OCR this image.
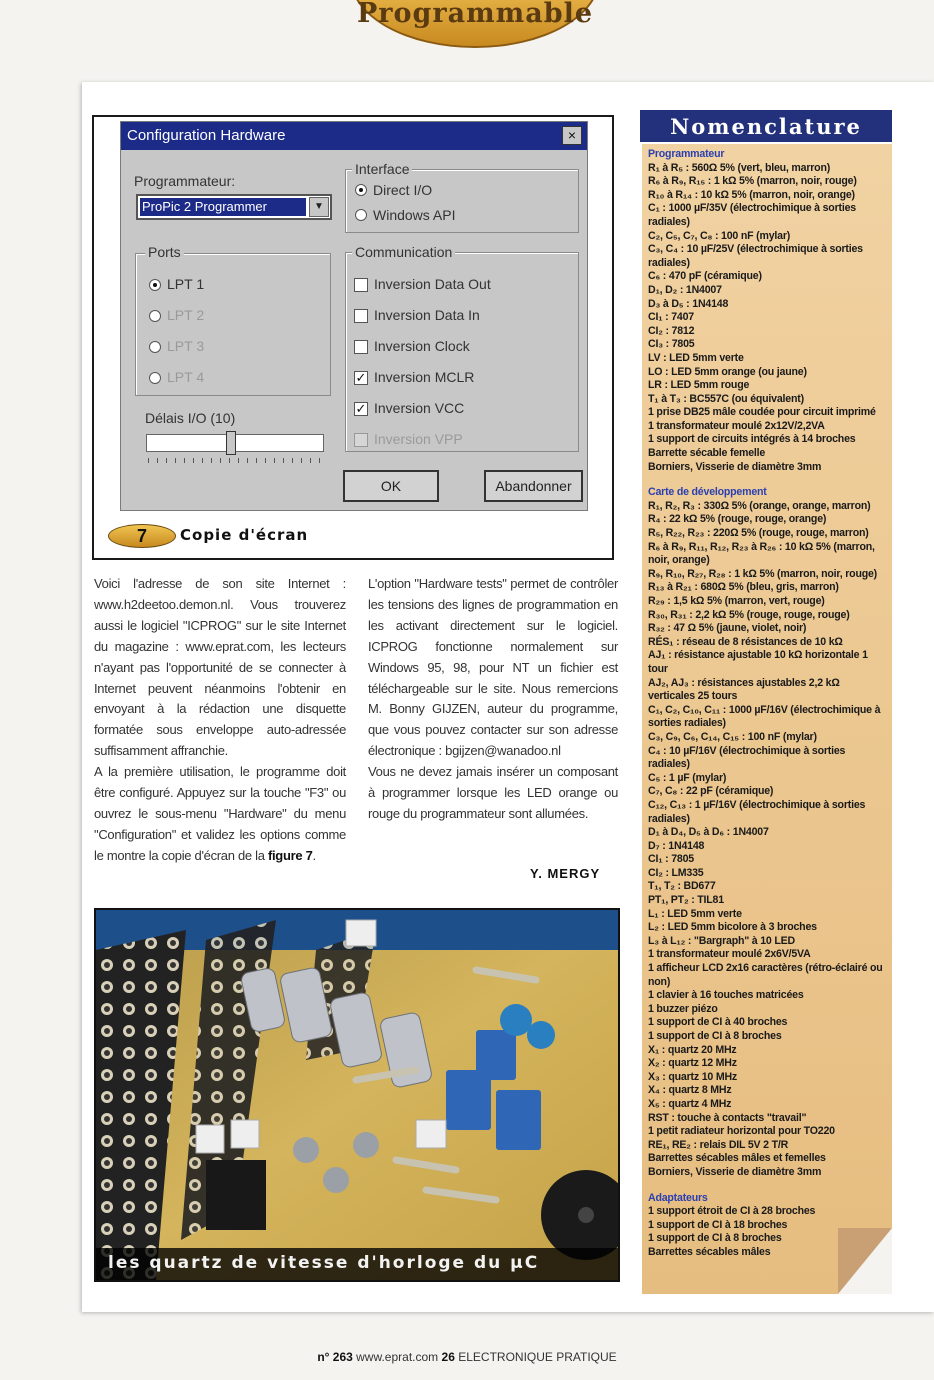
Programmable
Configuration Hardware	×
Programmateur:
ProPic 2 Programmer	▼
Ports
LPT 1
LPT 2
LPT 3
LPT 4
Délais I/O (10)
Interface
Direct I/O
Windows API
Communication
Inversion Data Out
Inversion Data In
Inversion Clock
✓ Inversion MCLR
✓ Inversion VCC
Inversion VPP
OK	Abandonner
7	Copie d'écran

Voici l'adresse de son site Internet : www.h2deetoo.demon.nl. Vous trouverez aussi le logiciel "ICPROG" sur le site Internet du magazine : www.eprat.com, les lecteurs n'ayant pas l'opportunité de se connecter à Internet peuvent néanmoins l'obtenir en envoyant à la rédaction une disquette formatée sous enveloppe auto-adressée suffisamment affranchie.

A la première utilisation, le programme doit être configuré. Appuyez sur la touche "F3" ou ouvrez le sous-menu "Hardware" du menu "Configuration" et validez les options comme le montre la copie d'écran de la figure 7.

L'option "Hardware tests" permet de contrôler les tensions des lignes de programmation en les activant directement sur le logiciel. ICPROG fonctionne normalement sur Windows 95, 98, pour NT un fichier est téléchargeable sur le site. Nous remercions M. Bonny GIJZEN, auteur du programme, que vous pouvez contacter sur son adresse électronique : bgijzen@wanadoo.nl

Vous ne devez jamais insérer un composant à programmer lorsque les LED orange ou rouge du programmateur sont allumées.

Y. MERGY
les quartz de vitesse d'horloge du µC
Nomenclature
Programmateur
R₁ à R₅ : 560Ω 5% (vert, bleu, marron)
R₆ à R₉, R₁₅ : 1 kΩ 5% (marron, noir, rouge)
R₁₀ à R₁₄ : 10 kΩ 5% (marron, noir, orange)
C₁ : 1000 µF/35V (électrochimique à sorties radiales)
C₂, C₅, C₇, C₈ : 100 nF (mylar)
C₃, C₄ : 10 µF/25V (électrochimique à sorties radiales)
C₆ : 470 pF (céramique)
D₁, D₂ : 1N4007
D₃ à D₅ : 1N4148
CI₁ : 7407
CI₂ : 7812
CI₃ : 7805
LV : LED 5mm verte
LO : LED 5mm orange (ou jaune)
LR : LED 5mm rouge
T₁ à T₃ : BC557C (ou équivalent)
1 prise DB25 mâle coudée pour circuit imprimé
1 transformateur moulé 2x12V/2,2VA
1 support de circuits intégrés à 14 broches
Barrette sécable femelle
Borniers, Visserie de diamètre 3mm
Carte de développement
R₁, R₂, R₃ : 330Ω 5% (orange, orange, marron)
R₄ : 22 kΩ 5% (rouge, rouge, orange)
R₅, R₂₂, R₂₃ : 220Ω 5% (rouge, rouge, marron)
R₆ à R₉, R₁₁, R₁₂, R₂₃ à R₂₆ : 10 kΩ 5% (marron, noir, orange)
R₉, R₁₀, R₂₇, R₂₈ : 1 kΩ 5% (marron, noir, rouge)
R₁₃ à R₂₁ : 680Ω 5% (bleu, gris, marron)
R₂₉ : 1,5 kΩ 5% (marron, vert, rouge)
R₃₀, R₃₁ : 2,2 kΩ 5% (rouge, rouge, rouge)
R₃₂ : 47 Ω 5% (jaune, violet, noir)
RÉS₁ : réseau de 8 résistances de 10 kΩ
AJ₁ : résistance ajustable 10 kΩ horizontale 1 tour
AJ₂, AJ₃ : résistances ajustables 2,2 kΩ verticales 25 tours
C₁, C₂, C₁₀, C₁₁ : 1000 µF/16V (électrochimique à sorties radiales)
C₃, C₉, C₆, C₁₄, C₁₅ : 100 nF (mylar)
C₄ : 10 µF/16V (électrochimique à sorties radiales)
C₅ : 1 µF (mylar)
C₇, C₈ : 22 pF (céramique)
C₁₂, C₁₃ : 1 µF/16V (électrochimique à sorties radiales)
D₁ à D₄, D₅ à D₆ : 1N4007
D₇ : 1N4148
CI₁ : 7805
CI₂ : LM335
T₁, T₂ : BD677
PT₁, PT₂ : TIL81
L₁ : LED 5mm verte
L₂ : LED 5mm bicolore à 3 broches
L₃ à L₁₂ : "Bargraph" à 10 LED
1 transformateur moulé 2x6V/5VA
1 afficheur LCD 2x16 caractères (rétro-éclairé ou non)
1 clavier à 16 touches matricées
1 buzzer piézo
1 support de CI à 40 broches
1 support de CI à 8 broches
X₁ : quartz 20 MHz
X₂ : quartz 12 MHz
X₃ : quartz 10 MHz
X₄ : quartz 8 MHz
X₅ : quartz 4 MHz
RST : touche à contacts "travail"
1 petit radiateur horizontal pour TO220
RE₁, RE₂ : relais DIL 5V 2 T/R
Barrettes sécables mâles et femelles
Borniers, Visserie de diamètre 3mm
Adaptateurs
1 support étroit de CI à 28 broches
1 support de CI à 18 broches
1 support de CI à 8 broches
Barrettes sécables mâles
n° 263 www.eprat.com 26 ELECTRONIQUE PRATIQUE
